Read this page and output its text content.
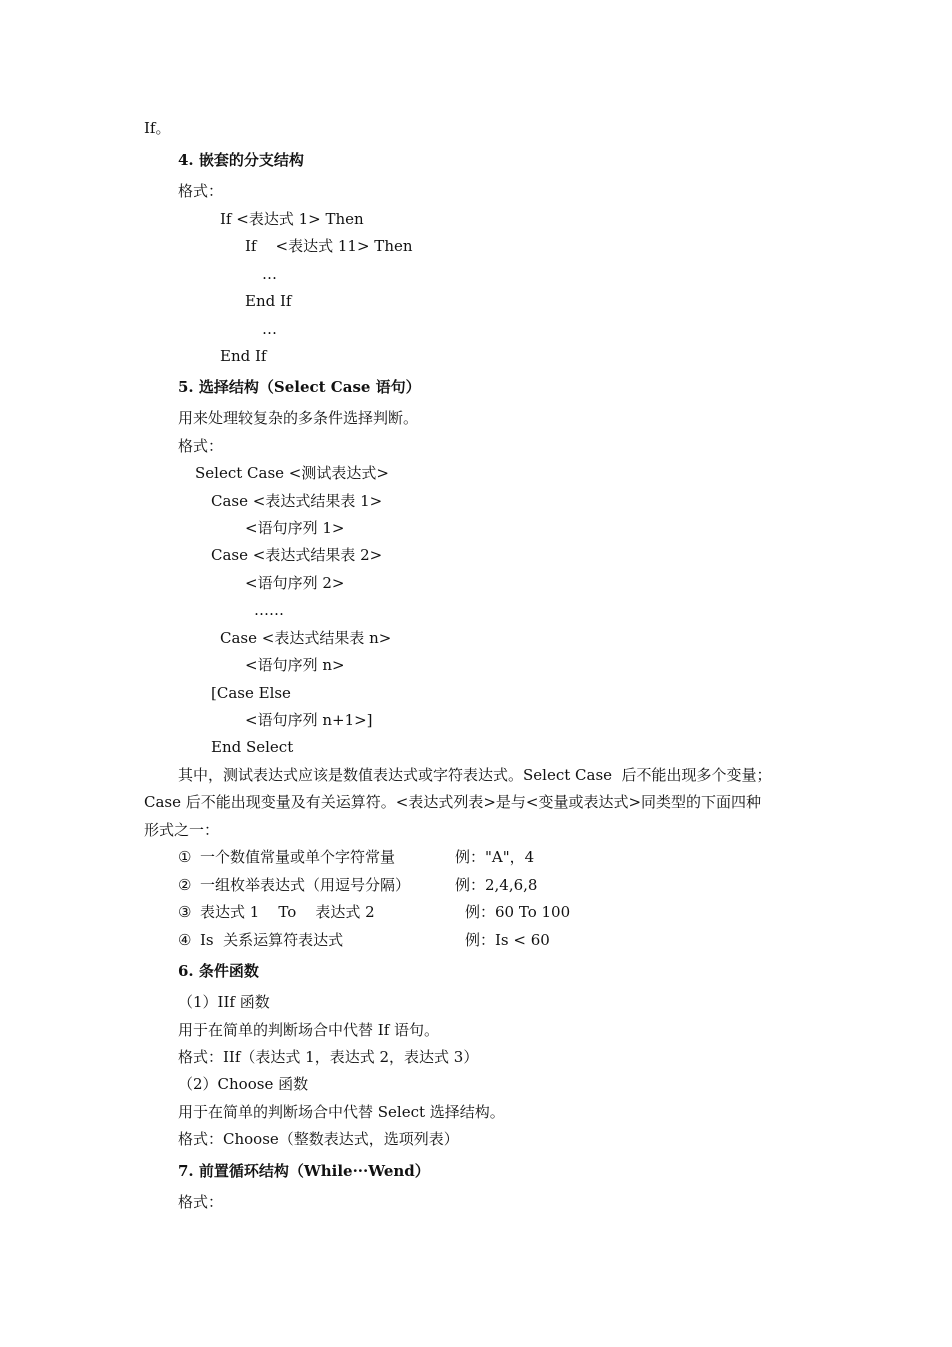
If。
4. 嵌套的分支结构
格式：
If <表达式 1> Then
If    <表达式 11> Then
…
End If
…
End If
5. 选择结构（Select Case 语句）
用来处理较复杂的多条件选择判断。
格式：
Select Case <测试表达式>
Case <表达式结果表 1>
<语句序列 1>
Case <表达式结果表 2>
<语句序列 2>
……
Case <表达式结果表 n>
<语句序列 n>
[Case Else
<语句序列 n+1>]
End Select
其中，测试表达式应该是数值表达式或字符表达式。Select Case  后不能出现多个变量；
Case 后不能出现变量及有关运算符。<表达式列表>是与<变量或表达式>同类型的下面四种
形式之一：
① 一个数值常量或单个字符常量	例："A"，4
② 一组枚举表达式（用逗号分隔）	例：2,4,6,8
③ 表达式 1    To    表达式 2	例：60 To 100
④ Is  关系运算符表达式	例：Is < 60
6. 条件函数
（1）IIf 函数
用于在简单的判断场合中代替 If 语句。
格式：IIf（表达式 1，表达式 2，表达式 3）
（2）Choose 函数
用于在简单的判断场合中代替 Select 选择结构。
格式：Choose（整数表达式，选项列表）
7. 前置循环结构（While···Wend）
格式：
